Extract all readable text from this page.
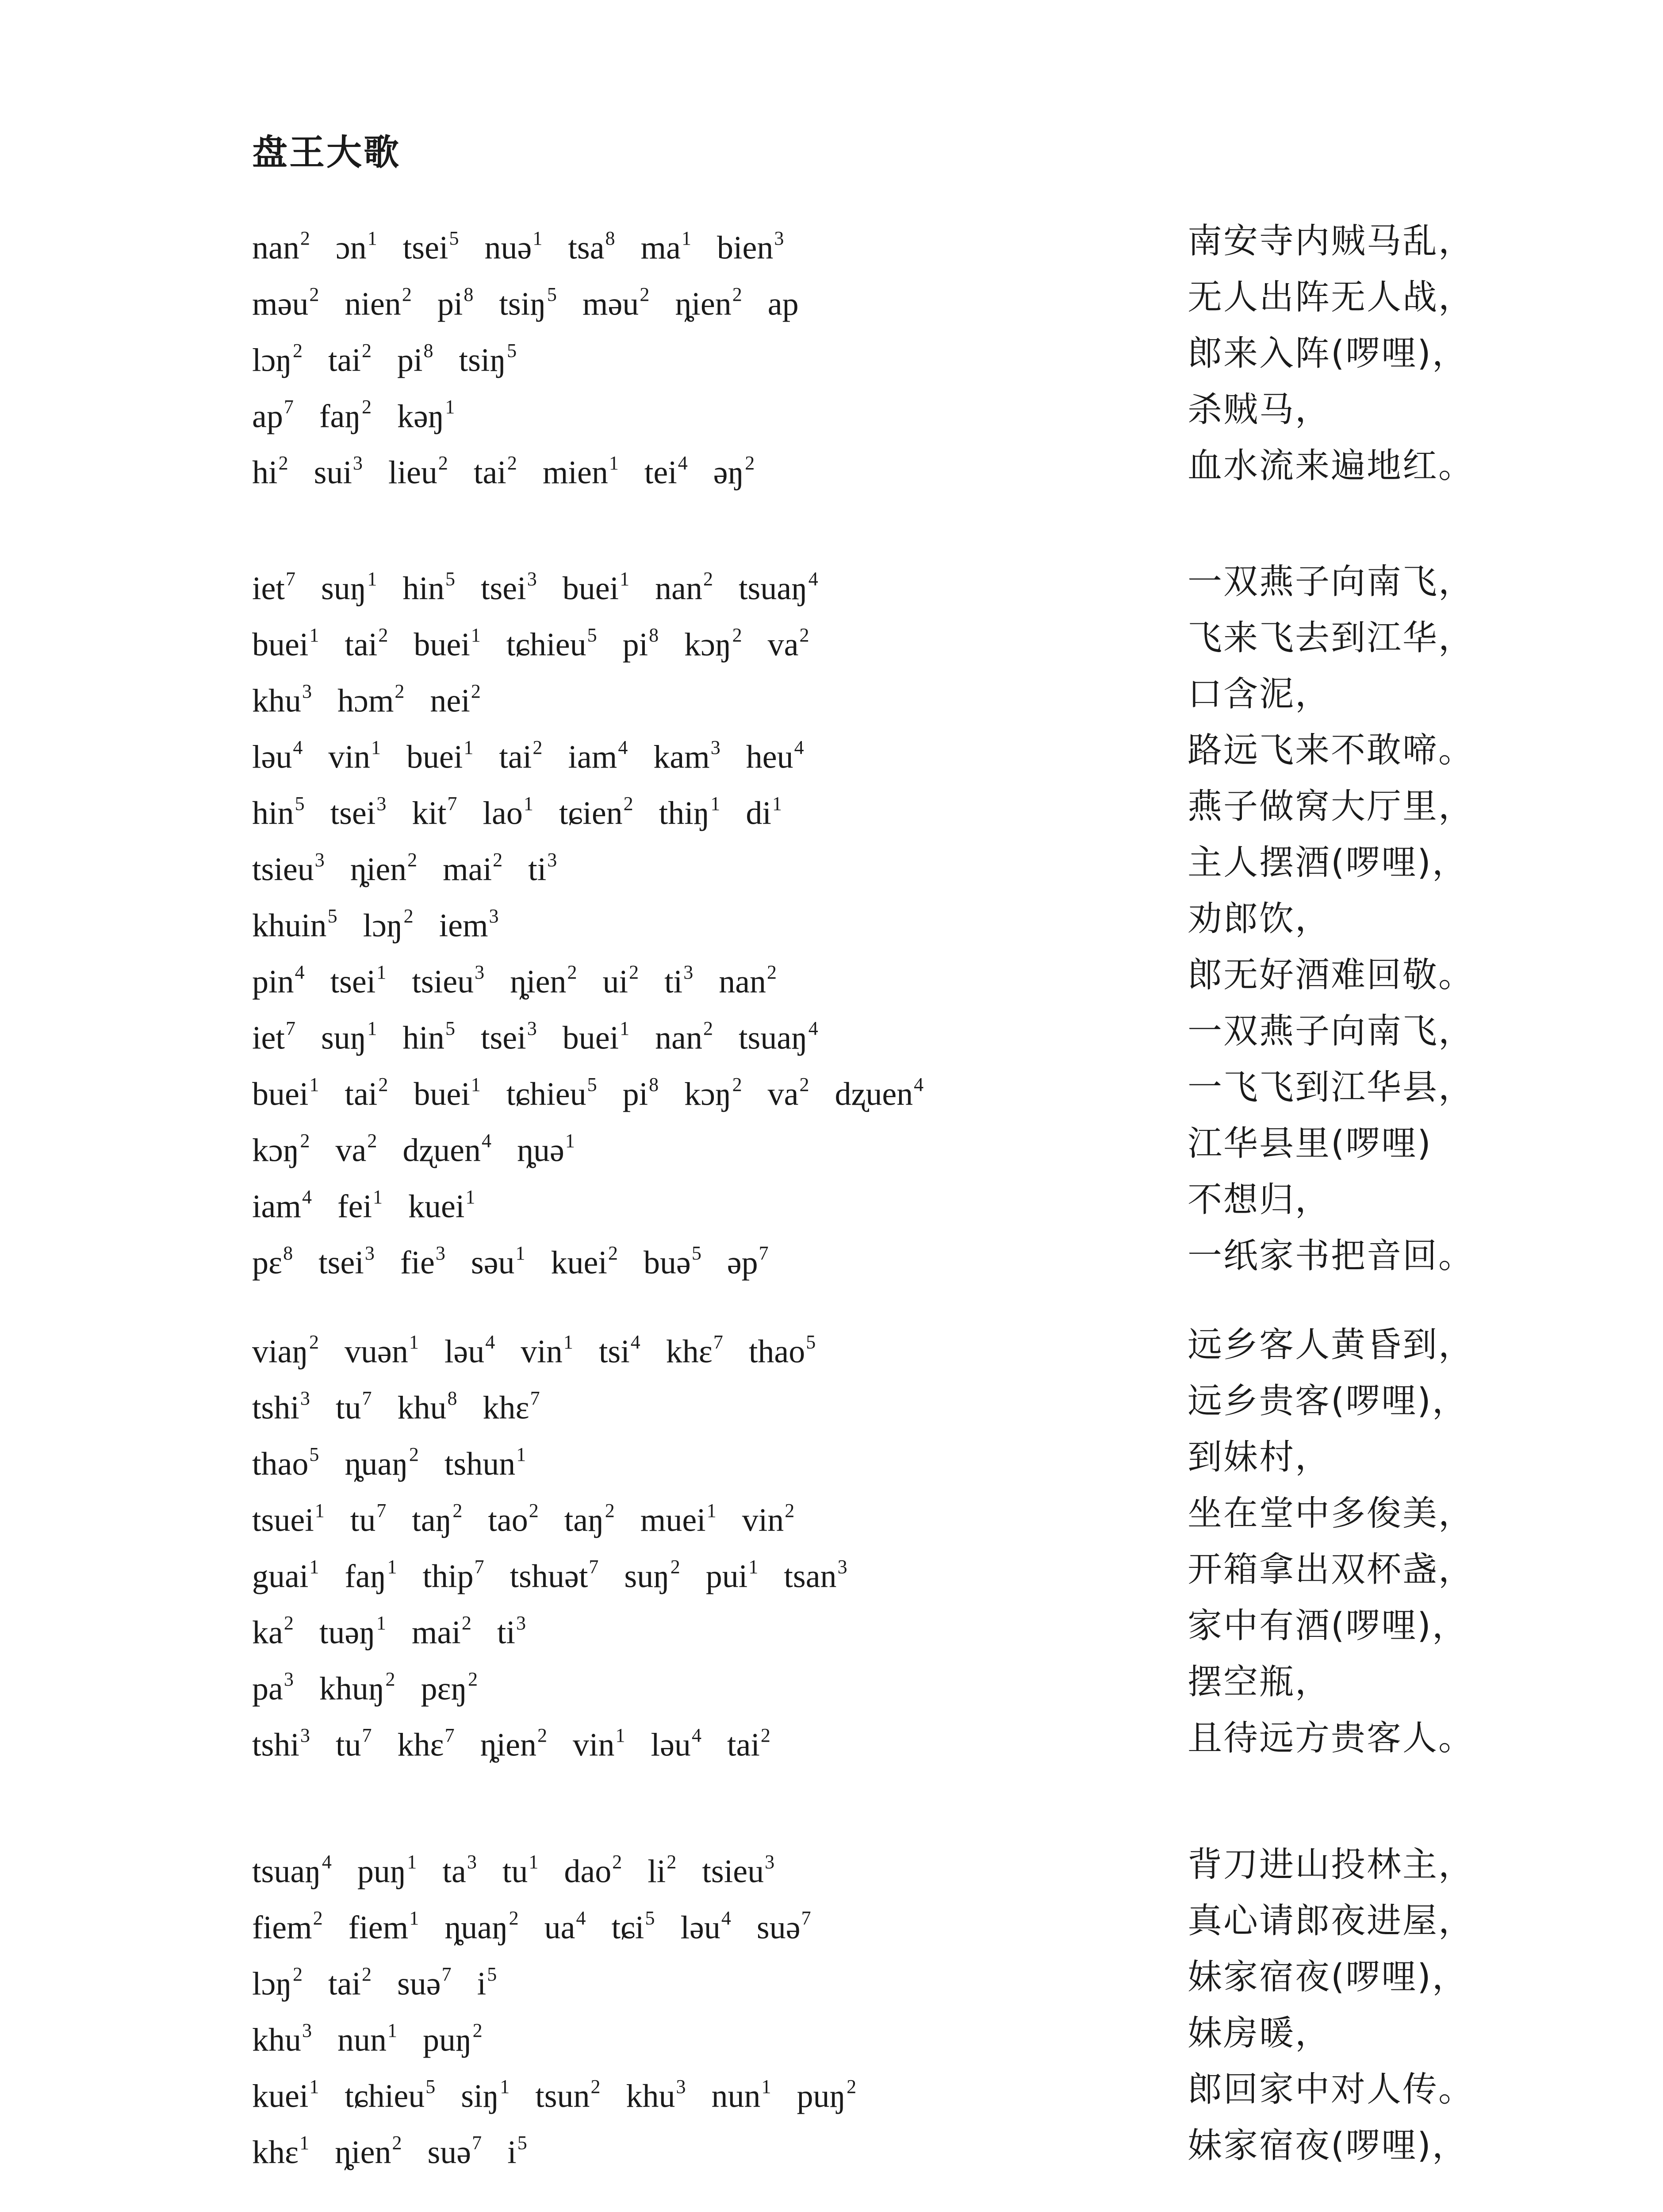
盘王大歌
nan$^2$ ɔn$^1$ tsei$^5$ nuə$^1$ tsa$^8$ $ma^1$ bien$^3$	南安寺内贼马乱，
məu$^2$ nien$^2$ $pi^8$ tsiŋ$^5$ məu$^2$ ȵien$^2$ ap	无人出阵无人战，
lɔŋ$^2$ tai$^2$ $pi^8$ tsiŋ$^5$	郎来入阵(啰哩)，
$ap^7$ faŋ$^2$ kəŋ$^1$	杀贼马，
$hi^2$ sui$^3$ lieu$^2$ tai$^2$ mien$^1$ tei$^4$ əŋ$^2$	血水流来遍地红。
iet$^7$ suŋ$^1$ hin$^5$ tsei$^3$ buei$^1$ nan$^2$ tsuaŋ$^4$	一双燕子向南飞，
buei$^1$ tai$^2$ buei$^1$ tɕhieu$^5$ $pi^8$ kɔŋ$^2$ $va^2$	飞来飞去到江华，
khu$^3$ hɔm$^2$ nei$^2$	口含泥，
ləu$^4$ vin$^1$ buei$^1$ tai$^2$ iam$^4$ kam$^3$ heu$^4$	路远飞来不敢啼。
hin$^5$ tsei$^3$ kit$^7$ lao$^1$ tɕien$^2$ thiŋ$^1$ $di^1$	燕子做窝大厅里，
tsieu$^3$ ȵien$^2$ mai$^2$ $ti^3$	主人摆酒(啰哩)，
khuin$^5$ lɔŋ$^2$ iem$^3$	劝郎饮，
pin$^4$ tsei$^1$ tsieu$^3$ ȵien$^2$ $ui^2$ $ti^3$ nan$^2$	郎无好酒难回敬。
iet$^7$ suŋ$^1$ hin$^5$ tsei$^3$ buei$^1$ nan$^2$ tsuaŋ$^4$	一双燕子向南飞，
buei$^1$ tai$^2$ buei$^1$ tɕhieu$^5$ $pi^8$ kɔŋ$^2$ $va^2$ dʐuen$^4$	一飞飞到江华县，
kɔŋ$^2$ $va^2$ dʐuen$^4$ ȵuə$^1$	江华县里(啰哩)
iam$^4$ fei$^1$ kuei$^1$	不想归，
pɛ$^8$ tsei$^3$ fie$^3$ səu$^1$ kuei$^2$ buə$^5$ əp$^7$	一纸家书把音回。
viaŋ$^2$ vuən$^1$ ləu$^4$ vin$^1$ tsi$^4$ khɛ$^7$ thao$^5$	远乡客人黄昏到，
tshi$^3$ $tu^7$ khu$^8$ khɛ$^7$	远乡贵客(啰哩)，
thao$^5$ ȵuaŋ$^2$ tshun$^1$	到妹村，
tsuei$^1$ $tu^7$ taŋ$^2$ tao$^2$ taŋ$^2$ muei$^1$ vin$^2$	坐在堂中多俊美，
guai$^1$ faŋ$^1$ thip$^7$ tshuət$^7$ suŋ$^2$ pui$^1$ tsan$^3$	开箱拿出双杯盏，
$ka^2$ tuəŋ$^1$ mai$^2$ $ti^3$	家中有酒(啰哩)，
$pa^3$ khuŋ$^2$ pɛŋ$^2$	摆空瓶，
tshi$^3$ $tu^7$ khɛ$^7$ ȵien$^2$ vin$^1$ ləu$^4$ tai$^2$	且待远方贵客人。
tsuaŋ$^4$ puŋ$^1$ $ta^3$ $tu^1$ dao$^2$ $li^2$ tsieu$^3$	背刀进山投林主，
fiem$^2$ fiem$^1$ ȵuaŋ$^2$ $ua^4$ tɕi$^5$ ləu$^4$ suə$^7$	真心请郎夜进屋，
lɔŋ$^2$ tai$^2$ suə$^7$ $i^5$	妹家宿夜(啰哩)，
khu$^3$ nun$^1$ puŋ$^2$	妹房暖，
kuei$^1$ tɕhieu$^5$ siŋ$^1$ tsun$^2$ khu$^3$ nun$^1$ puŋ$^2$	郎回家中对人传。
khɛ$^1$ ȵien$^2$ suə$^7$ $i^5$	妹家宿夜(啰哩)，
